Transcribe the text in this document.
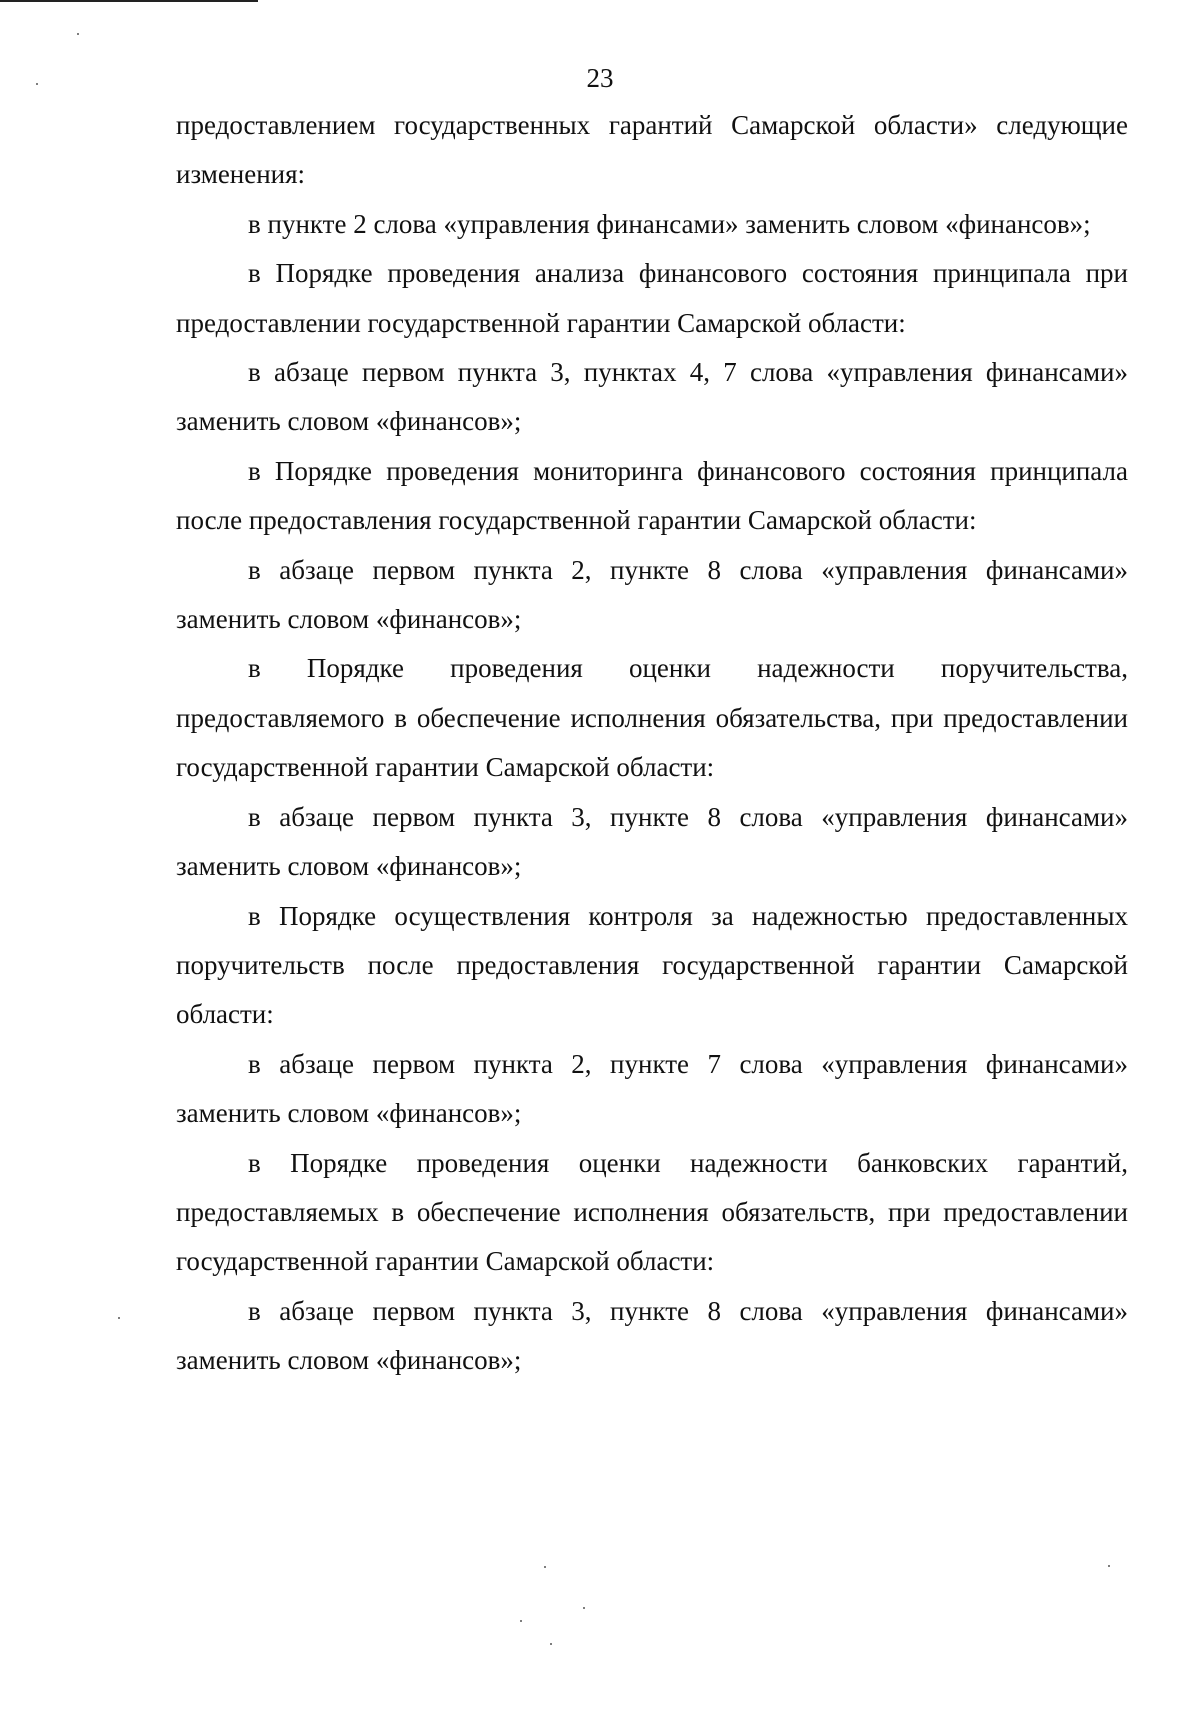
23

предоставлением государственных гарантий Самарской области» следующие изменения:

в пункте 2 слова «управления финансами» заменить словом «финансов»;

в Порядке проведения анализа финансового состояния принципала при предоставлении государственной гарантии Самарской области:

в абзаце первом пункта 3, пунктах 4, 7 слова «управления финансами» заменить словом «финансов»;

в Порядке проведения мониторинга финансового состояния принципала после предоставления государственной гарантии Самарской области:

в абзаце первом пункта 2, пункте 8 слова «управления финансами» заменить словом «финансов»;

в Порядке проведения оценки надежности поручительства, предоставляемого в обеспечение исполнения обязательства, при предоставлении государственной гарантии Самарской области:

в абзаце первом пункта 3, пункте 8 слова «управления финансами» заменить словом «финансов»;

в Порядке осуществления контроля за надежностью предоставленных поручительств после предоставления государственной гарантии Самарской области:

в абзаце первом пункта 2, пункте 7 слова «управления финансами» заменить словом «финансов»;

в Порядке проведения оценки надежности банковских гарантий, предоставляемых в обеспечение исполнения обязательств, при предоставлении государственной гарантии Самарской области:

в абзаце первом пункта 3, пункте 8 слова «управления финансами» заменить словом «финансов»;
